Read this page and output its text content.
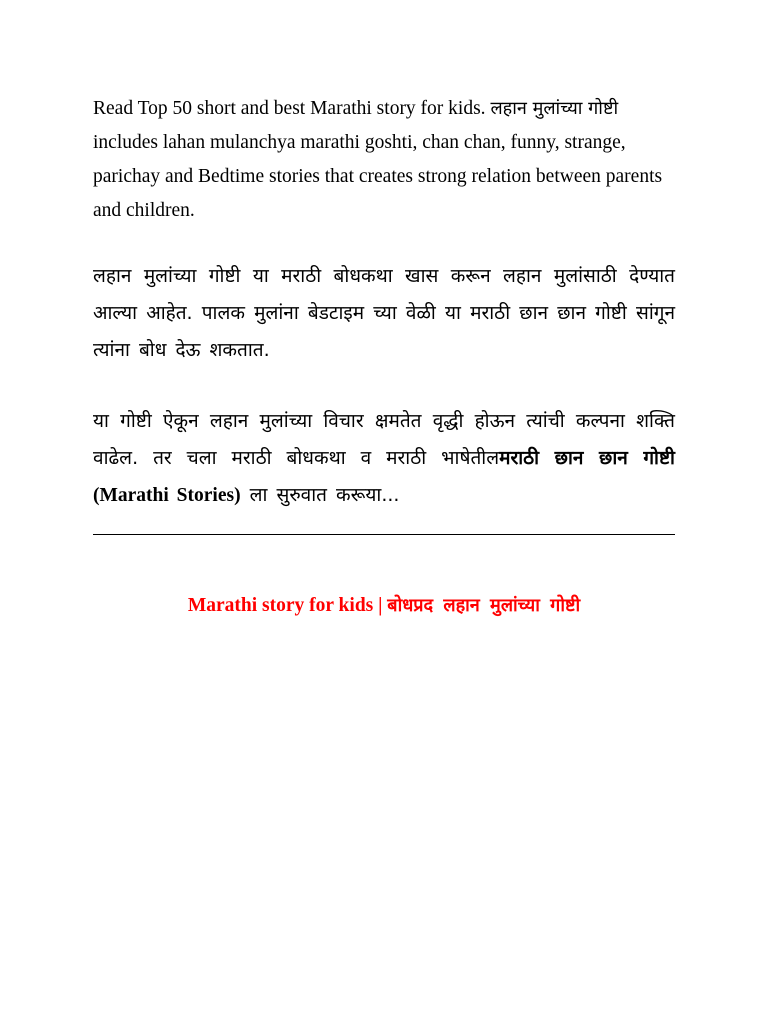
Read Top 50 short and best Marathi story for kids. लहान मुलांच्या गोष्टी includes lahan mulanchya marathi goshti, chan chan, funny, strange, parichay and Bedtime stories that creates strong relation between parents and children.

लहान मुलांच्या गोष्टी या मराठी बोधकथा खास करून लहान मुलांसाठी देण्यात आल्या आहेत. पालक मुलांना बेडटाइम च्या वेळी या मराठी छान छान गोष्टी सांगून त्यांना बोध देऊ शकतात.

या गोष्टी ऐकून लहान मुलांच्या विचार क्षमतेत वृद्धी होऊन त्यांची कल्पना शक्ति वाढेल. तर चला मराठी बोधकथा व मराठी भाषेतीलमराठी छान छान गोष्टी (Marathi Stories) ला सुरुवात करूया...

Marathi story for kids | बोधप्रद लहान मुलांच्या गोष्टी
